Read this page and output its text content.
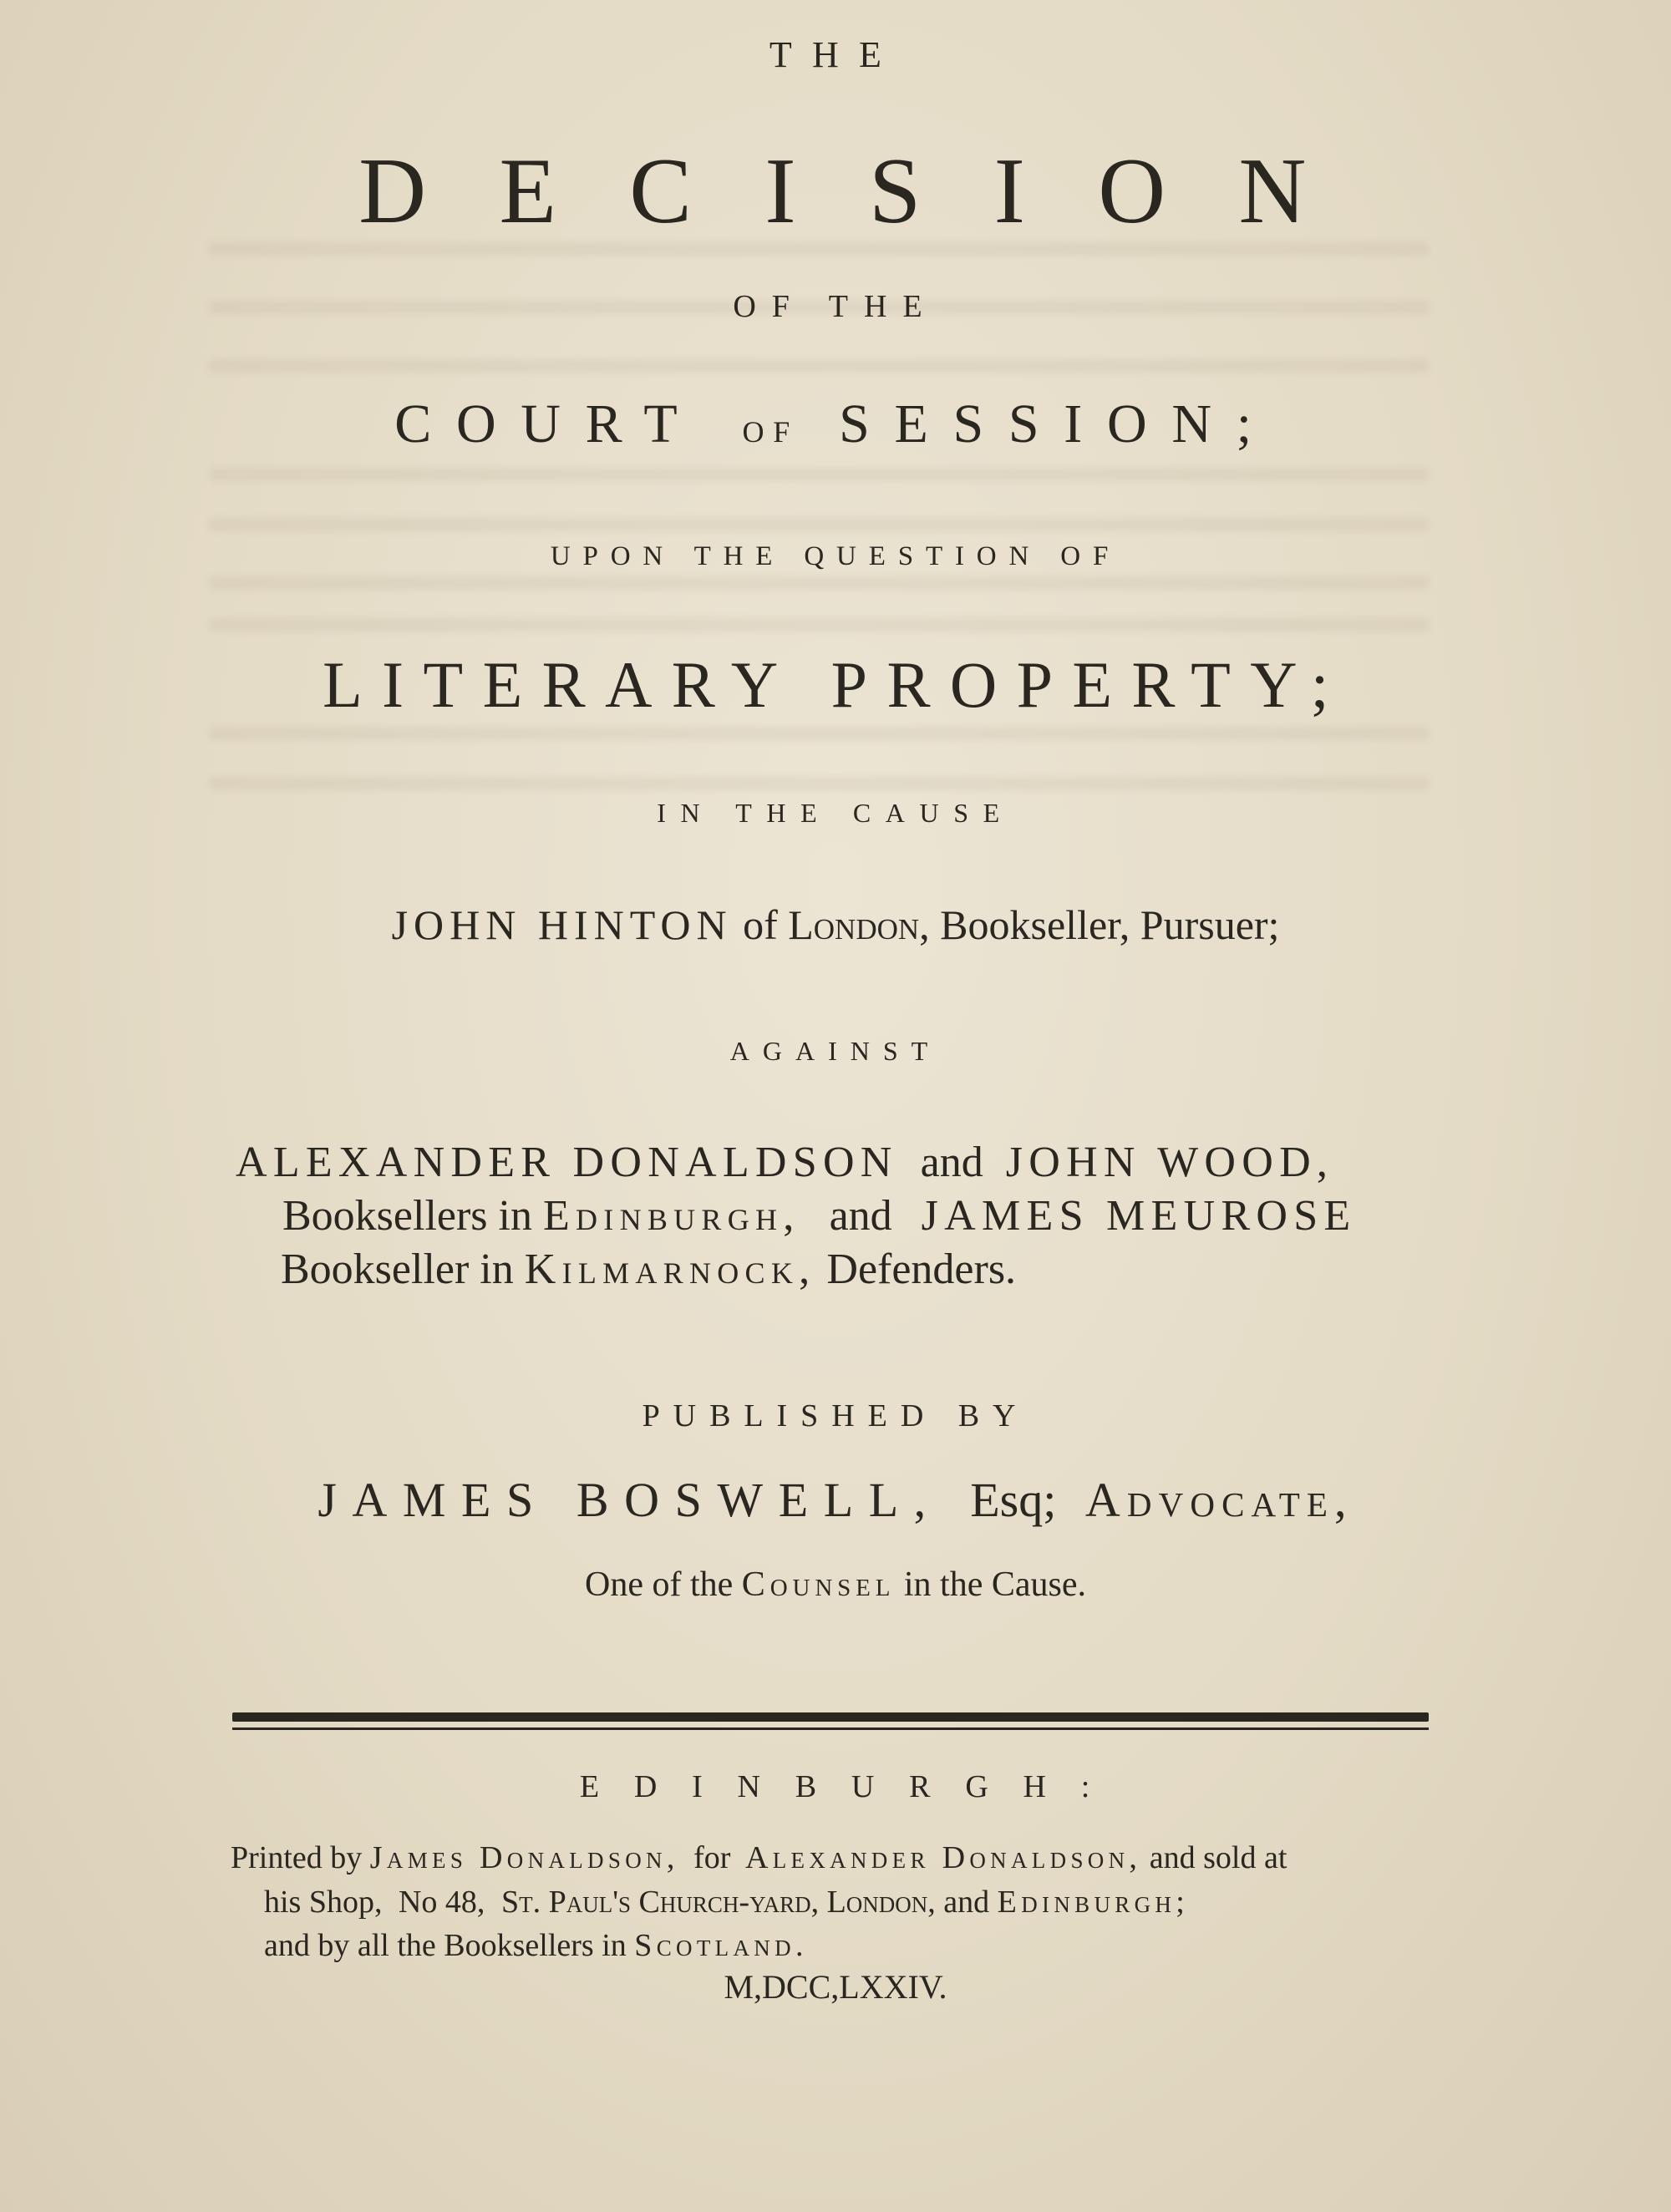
THE
DECISION
OF THE
COURT OF SESSION;
UPON THE QUESTION OF
LITERARY PROPERTY;
IN THE CAUSE
JOHN HINTON of London, Bookseller, Pursuer;
AGAINST
ALEXANDER DONALDSON and JOHN WOOD,
Booksellers in Edinburgh, and JAMES MEUROSE
Bookseller in Kilmarnock, Defenders.
PUBLISHED BY
JAMES BOSWELL, Esq; Advocate,
One of the Counsel in the Cause.
EDINBURGH:
Printed by James Donaldson, for Alexander Donaldson, and sold at
his Shop, No 48, St. Paul's Church-yard, London, and Edinburgh;
and by all the Booksellers in Scotland.
M,DCC,LXXIV.
